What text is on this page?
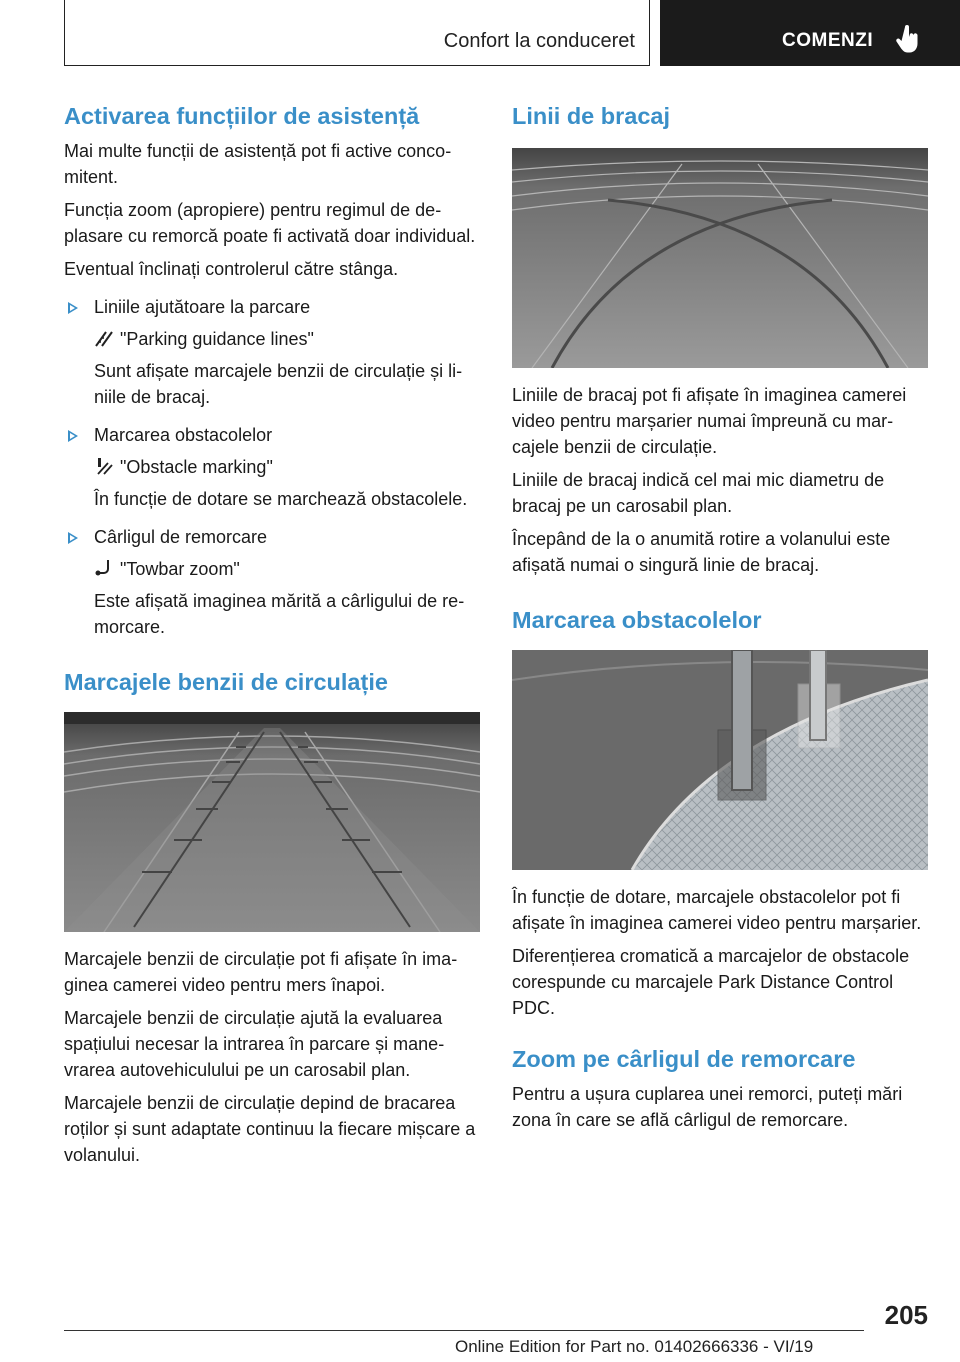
Confort la conduceret	COMENZI
Activarea funcțiilor de asistență

Mai multe funcții de asistență pot fi active concomitent.

Funcția zoom (apropiere) pentru regimul de deplasare cu remorcă poate fi activată doar individual.

Eventual înclinați controlerul către stânga.

Liniile ajutătoare la parcare
"Parking guidance lines"
Sunt afișate marcajele benzii de circulație și liniile de bracaj.
Marcarea obstacolelor
"Obstacle marking"
În funcție de dotare se marchează obstacolele.
Cârligul de remorcare
"Towbar zoom"
Este afișată imaginea mărită a cârligului de remorcare.
Marcajele benzii de circulație

Marcajele benzii de circulație pot fi afișate în imaginea camerei video pentru mers înapoi.

Marcajele benzii de circulație ajută la evaluarea spațiului necesar la intrarea în parcare și manevrarea autovehiculului pe un carosabil plan.

Marcajele benzii de circulație depind de bracarea roților și sunt adaptate continuu la fiecare mișcare a volanului.

Linii de bracaj

Liniile de bracaj pot fi afișate în imaginea camerei video pentru marșarier numai împreună cu marcajele benzii de circulație.

Liniile de bracaj indică cel mai mic diametru de bracaj pe un carosabil plan.

Începând de la o anumită rotire a volanului este afișată numai o singură linie de bracaj.

Marcarea obstacolelor

În funcție de dotare, marcajele obstacolelor pot fi afișate în imaginea camerei video pentru marșarier.

Diferențierea cromatică a marcajelor de obstacole corespunde cu marcajele Park Distance Control PDC.

Zoom pe cârligul de remorcare

Pentru a ușura cuplarea unei remorci, puteți mări zona în care se află cârligul de remorcare.

205
Online Edition for Part no. 01402666336 - VI/19
